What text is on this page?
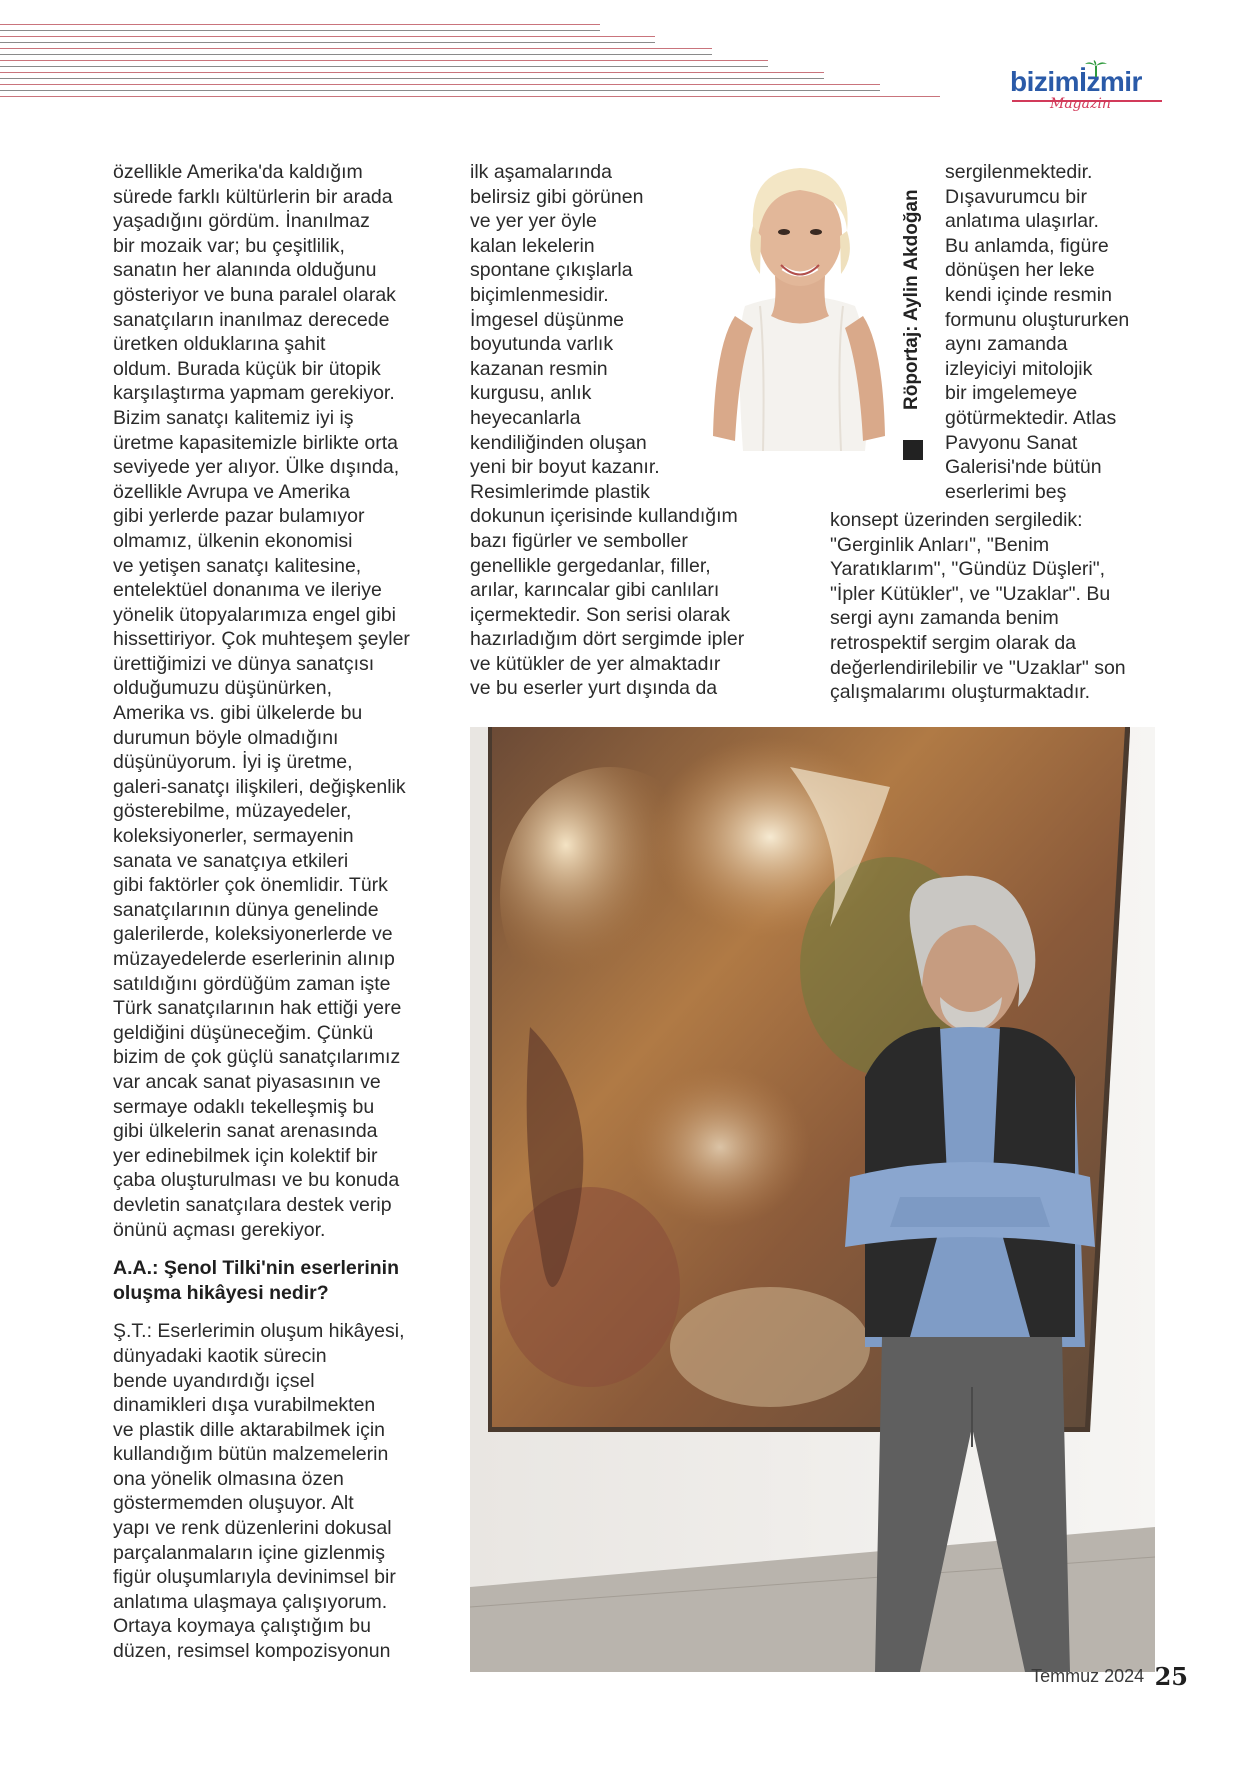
bizimİzmir
Magazin

özellikle Amerika'da kaldığım
sürede farklı kültürlerin bir arada
yaşadığını gördüm. İnanılmaz
bir mozaik var; bu çeşitlilik,
sanatın her alanında olduğunu
gösteriyor ve buna paralel olarak
sanatçıların inanılmaz derecede
üretken olduklarına şahit
oldum. Burada küçük bir ütopik
karşılaştırma yapmam gerekiyor.
Bizim sanatçı kalitemiz iyi iş
üretme kapasitemizle birlikte orta
seviyede yer alıyor. Ülke dışında,
özellikle Avrupa ve Amerika
gibi yerlerde pazar bulamıyor
olmamız, ülkenin ekonomisi
ve yetişen sanatçı kalitesine,
entelektüel donanıma ve ileriye
yönelik ütopyalarımıza engel gibi
hissettiriyor. Çok muhteşem şeyler
ürettiğimizi ve dünya sanatçısı
olduğumuzu düşünürken,
Amerika vs. gibi ülkelerde bu
durumun böyle olmadığını
düşünüyorum. İyi iş üretme,
galeri-sanatçı ilişkileri, değişkenlik
gösterebilme, müzayedeler,
koleksiyonerler, sermayenin
sanata ve sanatçıya etkileri
gibi faktörler çok önemlidir. Türk
sanatçılarının dünya genelinde
galerilerde, koleksiyonerlerde ve
müzayedelerde eserlerinin alınıp
satıldığını gördüğüm zaman işte
Türk sanatçılarının hak ettiği yere
geldiğini düşüneceğim. Çünkü
bizim de çok güçlü sanatçılarımız
var ancak sanat piyasasının ve
sermaye odaklı tekelleşmiş bu
gibi ülkelerin sanat arenasında
yer edinebilmek için kolektif bir
çaba oluşturulması ve bu konuda
devletin sanatçılara destek verip
önünü açması gerekiyor.

A.A.: Şenol Tilki'nin eserlerinin
oluşma hikâyesi nedir?

Ş.T.: Eserlerimin oluşum hikâyesi,
dünyadaki kaotik sürecin
bende uyandırdığı içsel
dinamikleri dışa vurabilmekten
ve plastik dille aktarabilmek için
kullandığım bütün malzemelerin
ona yönelik olmasına özen
göstermemden oluşuyor. Alt
yapı ve renk düzenlerini dokusal
parçalanmaların içine gizlenmiş
figür oluşumlarıyla devinimsel bir
anlatıma ulaşmaya çalışıyorum.
Ortaya koymaya çalıştığım bu
düzen, resimsel kompozisyonun

ilk aşamalarında
belirsiz gibi görünen
ve yer yer öyle
kalan lekelerin
spontane çıkışlarla
biçimlenmesidir.
İmgesel düşünme
boyutunda varlık
kazanan resmin
kurgusu, anlık
heyecanlarla
kendiliğinden oluşan
yeni bir boyut kazanır.
Resimlerimde plastik
dokunun içerisinde kullandığım
bazı figürler ve semboller
genellikle gergedanlar, filler,
arılar, karıncalar gibi canlıları
içermektedir. Son serisi olarak
hazırladığım dört sergimde ipler
ve kütükler de yer almaktadır
ve bu eserler yurt dışında da

Röportaj: Aylin Akdoğan

sergilenmektedir.
Dışavurumcu bir
anlatıma ulaşırlar.
Bu anlamda, figüre
dönüşen her leke
kendi içinde resmin
formunu oluştururken
aynı zamanda
izleyiciyi mitolojik
bir imgelemeye
götürmektedir. Atlas
Pavyonu Sanat
Galerisi'nde bütün
eserlerimi beş

konsept üzerinden sergiledik:
"Gerginlik Anları", "Benim
Yaratıklarım", "Gündüz Düşleri",
"İpler Kütükler", ve "Uzaklar". Bu
sergi aynı zamanda benim
retrospektif sergim olarak da
değerlendirilebilir ve "Uzaklar" son
çalışmalarımı oluşturmaktadır.

Temmuz 2024 25
